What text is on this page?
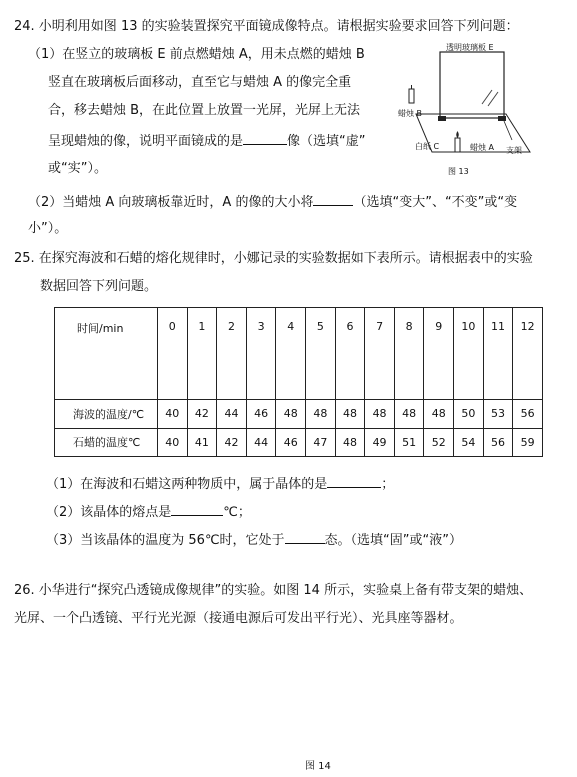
24. 小明利用如图 13 的实验装置探究平面镜成像特点。请根据实验要求回答下列问题：
（1）在竖立的玻璃板 E 前点燃蜡烛 A，用未点燃的蜡烛 B
竖直在玻璃板后面移动，直至它与蜡烛 A 的像完全重
合，移去蜡烛 B，在此位置上放置一光屏，光屏上无法
呈现蜡烛的像，说明平面镜成的是	像（选填“虚”
或“实”）。
（2）当蜡烛 A 向玻璃板靠近时，A 的像的大小将	（选填“变大”、“不变”或“变
小”）。
透明玻璃板 E
蜡烛 B
白纸 C	蜡烛 A 支架
图 13
25. 在探究海波和石蜡的熔化规律时，小娜记录的实验数据如下表所示。请根据表中的实验
数据回答下列问题。
时间/min	0	1	2	3	4	5	6	7	8	9	10	11	12
海波的温度/℃	40	42	44	46	48	48	48	48	48	48	50	53	56
石蜡的温度℃	40	41	42	44	46	47	48	49	51	52	54	56	59
（1）在海波和石蜡这两种物质中，属于晶体的是	；
（2）该晶体的熔点是	℃；
（3）当该晶体的温度为 56℃时，它处于	态。（选填“固”或“液”）
26. 小华进行“探究凸透镜成像规律”的实验。如图 14 所示，实验桌上备有带支架的蜡烛、
光屏、一个凸透镜、平行光光源（接通电源后可发出平行光）、光具座等器材。
图 14
